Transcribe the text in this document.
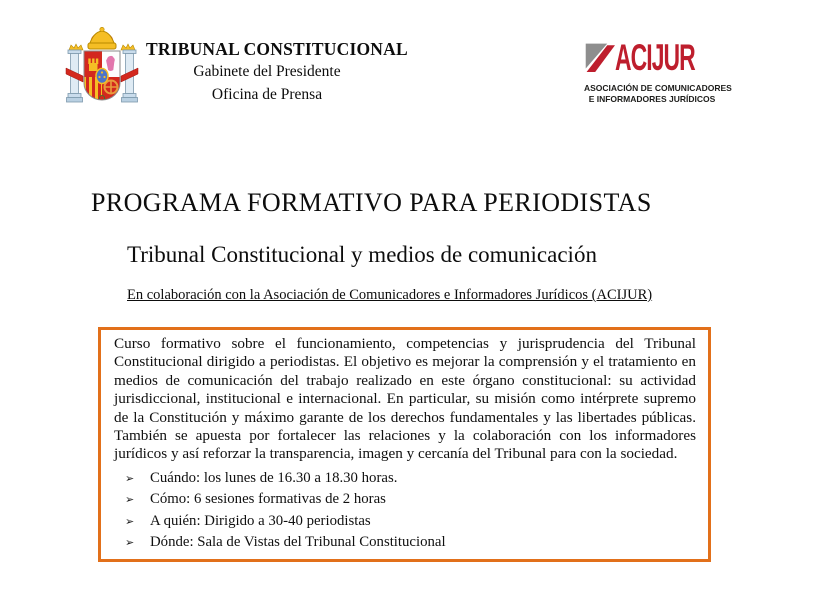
TRIBUNAL CONSTITUCIONAL
Gabinete del Presidente
Oficina de Prensa
ACIJUR
ASOCIACIÓN DE COMUNICADORES
E INFORMADORES JURÍDICOS
PROGRAMA FORMATIVO PARA PERIODISTAS
Tribunal Constitucional y medios de comunicación
En colaboración con la Asociación de Comunicadores e Informadores Jurídicos (ACIJUR)

Curso formativo sobre el funcionamiento, competencias y jurisprudencia del Tribunal Constitucional dirigido a periodistas. El objetivo es mejorar la comprensión y el tratamiento en medios de comunicación del trabajo realizado en este órgano constitucional: su actividad jurisdiccional, institucional e internacional. En particular, su misión como intérprete supremo de la Constitución y máximo garante de los derechos fundamentales y las libertades públicas. También se apuesta por fortalecer las relaciones y la colaboración con los informadores jurídicos y así reforzar la transparencia, imagen y cercanía del Tribunal para con la sociedad.

➢	Cuándo: los lunes de 16.30 a 18.30 horas.
➢	Cómo: 6 sesiones formativas de 2 horas
➢	A quién: Dirigido a 30-40 periodistas
➢	Dónde: Sala de Vistas del Tribunal Constitucional
